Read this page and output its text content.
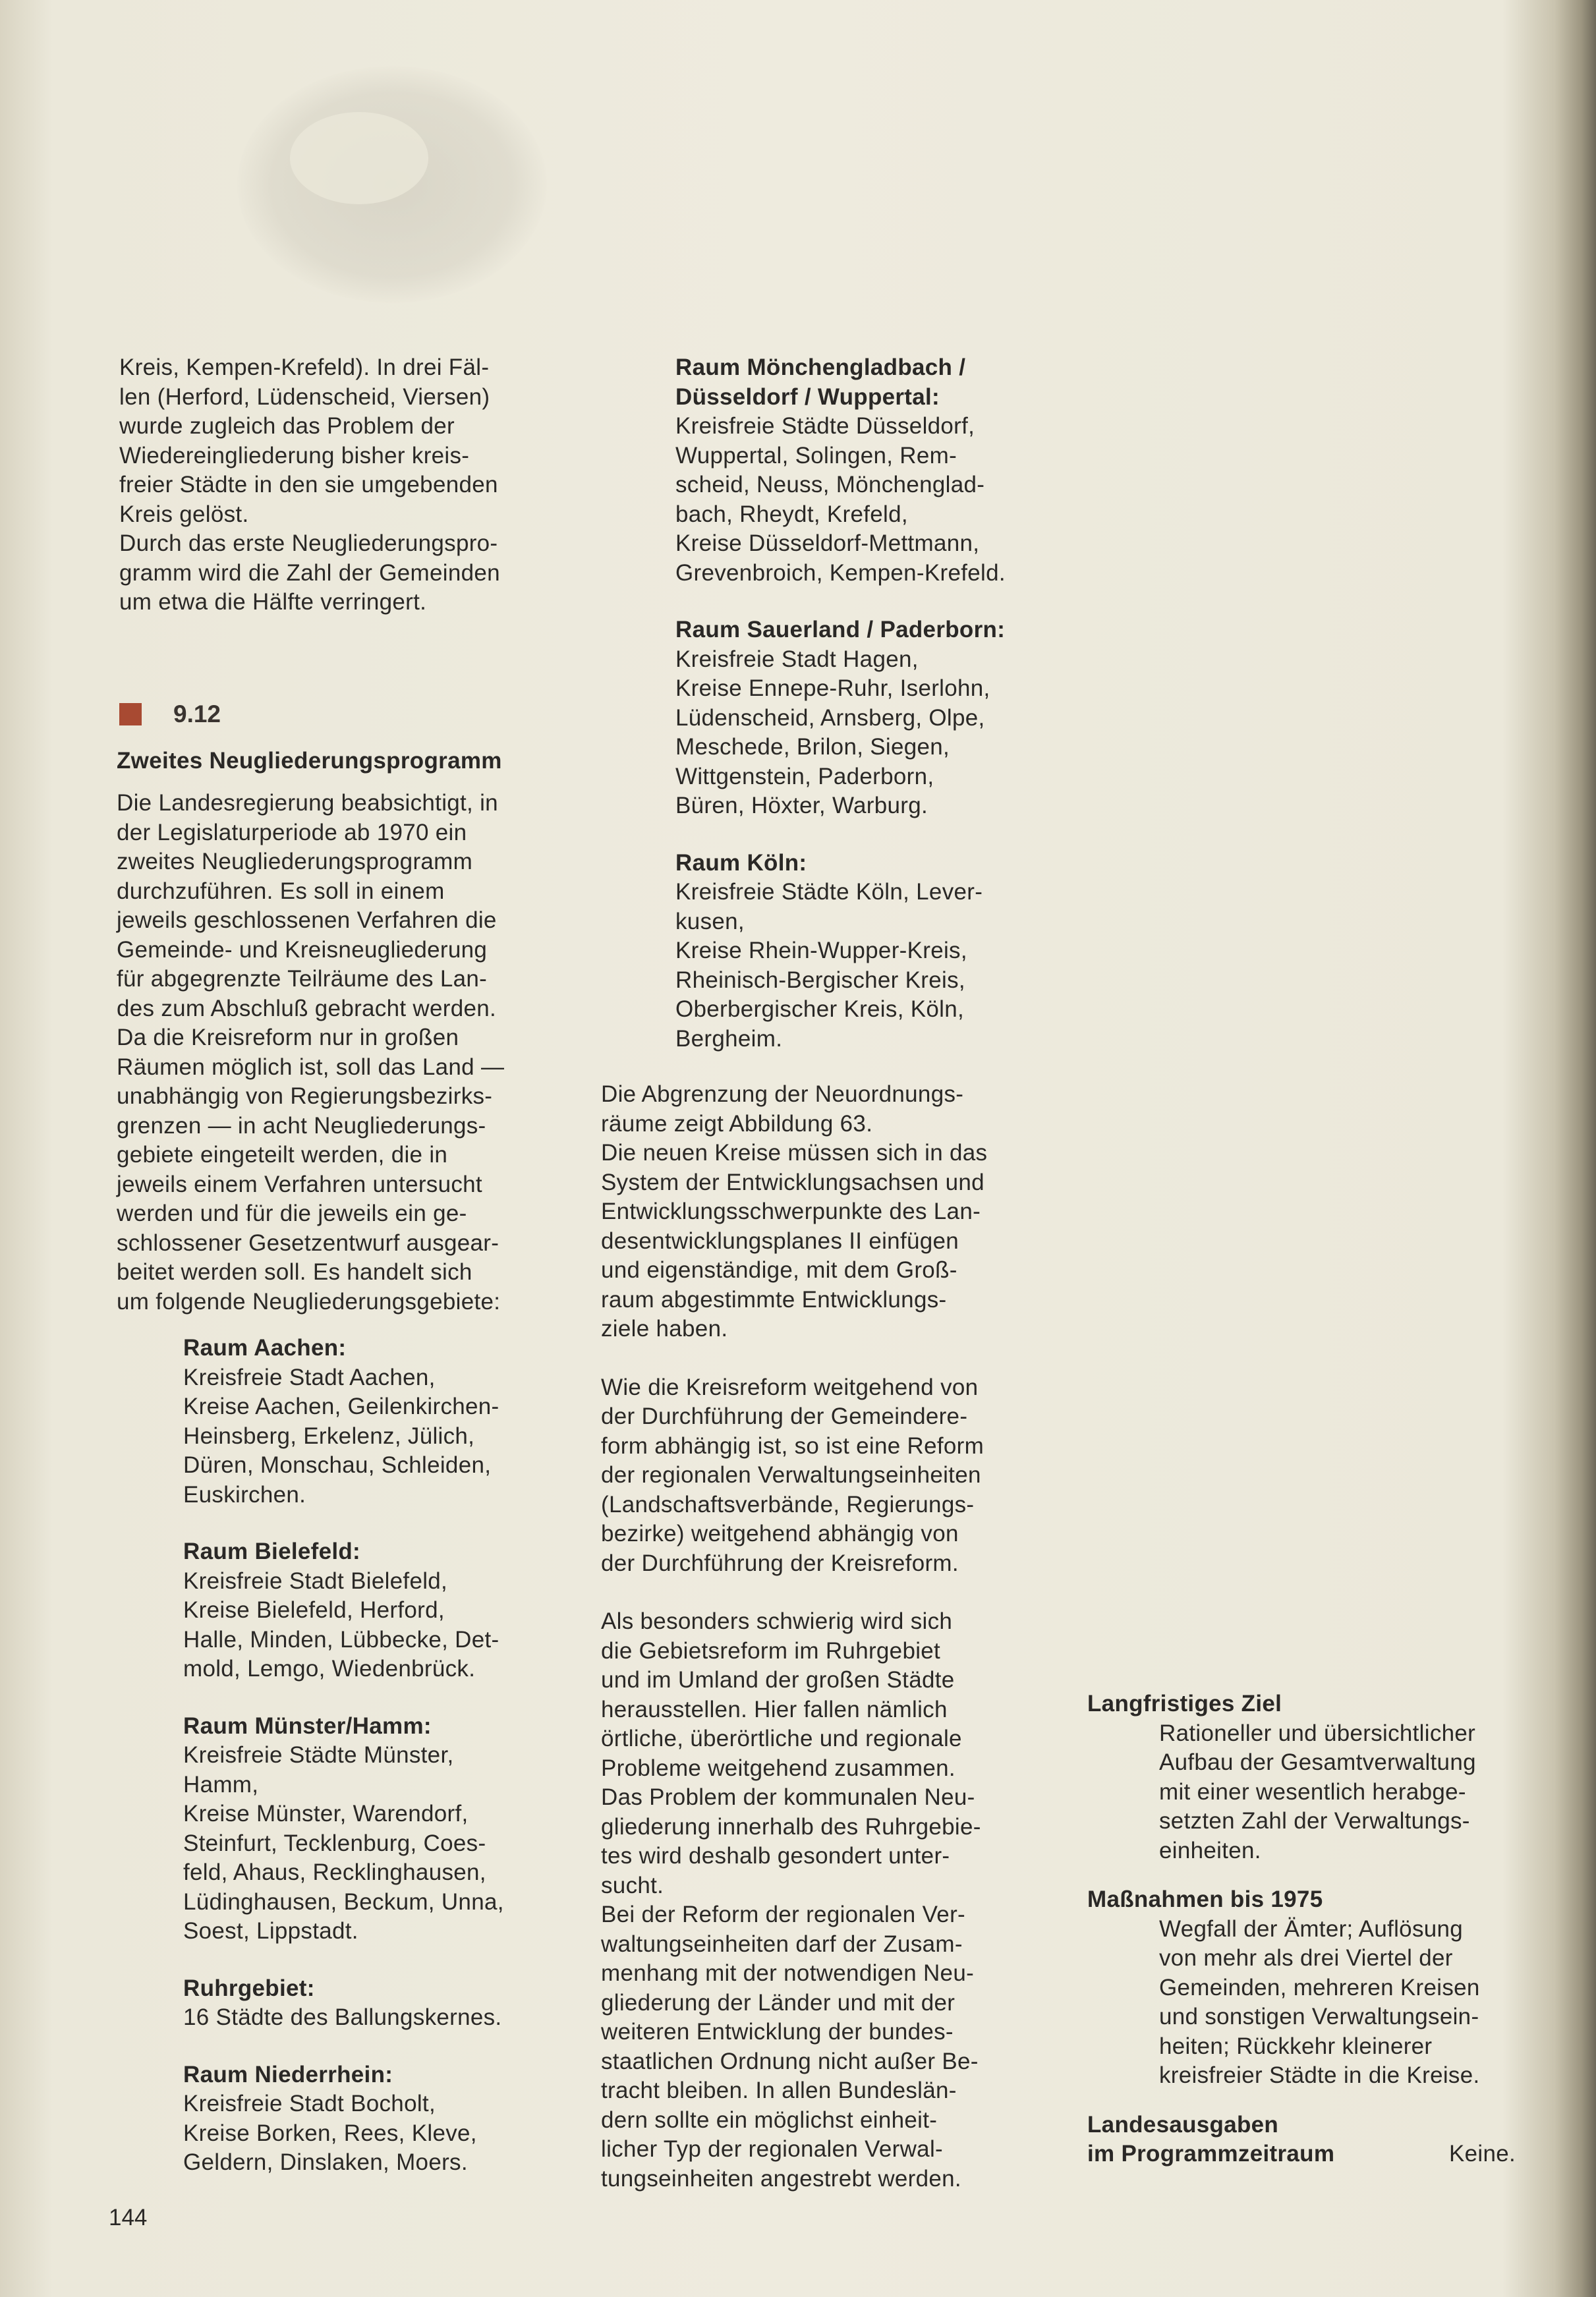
Kreis, Kempen-Krefeld). In drei Fäl-
len (Herford, Lüdenscheid, Viersen)
wurde zugleich das Problem der
Wiedereingliederung bisher kreis-
freier Städte in den sie umgebenden
Kreis gelöst.
Durch das erste Neugliederungspro-
gramm wird die Zahl der Gemeinden
um etwa die Hälfte verringert.
9.12
Zweites Neugliederungsprogramm
Die Landesregierung beabsichtigt, in
der Legislaturperiode ab 1970 ein
zweites Neugliederungsprogramm
durchzuführen. Es soll in einem
jeweils geschlossenen Verfahren die
Gemeinde- und Kreisneugliederung
für abgegrenzte Teilräume des Lan-
des zum Abschluß gebracht werden.
Da die Kreisreform nur in großen
Räumen möglich ist, soll das Land —
unabhängig von Regierungsbezirks-
grenzen — in acht Neugliederungs-
gebiete eingeteilt werden, die in
jeweils einem Verfahren untersucht
werden und für die jeweils ein ge-
schlossener Gesetzentwurf ausgear-
beitet werden soll. Es handelt sich
um folgende Neugliederungsgebiete:
Raum Aachen:
Kreisfreie Stadt Aachen,
Kreise Aachen, Geilenkirchen-
Heinsberg, Erkelenz, Jülich,
Düren, Monschau, Schleiden,
Euskirchen.
Raum Bielefeld:
Kreisfreie Stadt Bielefeld,
Kreise Bielefeld, Herford,
Halle, Minden, Lübbecke, Det-
mold, Lemgo, Wiedenbrück.
Raum Münster/Hamm:
Kreisfreie Städte Münster,
Hamm,
Kreise Münster, Warendorf,
Steinfurt, Tecklenburg, Coes-
feld, Ahaus, Recklinghausen,
Lüdinghausen, Beckum, Unna,
Soest, Lippstadt.
Ruhrgebiet:
16 Städte des Ballungskernes.
Raum Niederrhein:
Kreisfreie Stadt Bocholt,
Kreise Borken, Rees, Kleve,
Geldern, Dinslaken, Moers.
Raum Mönchengladbach /
Düsseldorf / Wuppertal:
Kreisfreie Städte Düsseldorf,
Wuppertal, Solingen, Rem-
scheid, Neuss, Mönchenglad-
bach, Rheydt, Krefeld,
Kreise Düsseldorf-Mettmann,
Grevenbroich, Kempen-Krefeld.
Raum Sauerland / Paderborn:
Kreisfreie Stadt Hagen,
Kreise Ennepe-Ruhr, Iserlohn,
Lüdenscheid, Arnsberg, Olpe,
Meschede, Brilon, Siegen,
Wittgenstein, Paderborn,
Büren, Höxter, Warburg.
Raum Köln:
Kreisfreie Städte Köln, Lever-
kusen,
Kreise Rhein-Wupper-Kreis,
Rheinisch-Bergischer Kreis,
Oberbergischer Kreis, Köln,
Bergheim.
Die Abgrenzung der Neuordnungs-
räume zeigt Abbildung 63.
Die neuen Kreise müssen sich in das
System der Entwicklungsachsen und
Entwicklungsschwerpunkte des Lan-
desentwicklungsplanes II einfügen
und eigenständige, mit dem Groß-
raum abgestimmte Entwicklungs-
ziele haben.
Wie die Kreisreform weitgehend von
der Durchführung der Gemeindere-
form abhängig ist, so ist eine Reform
der regionalen Verwaltungseinheiten
(Landschaftsverbände, Regierungs-
bezirke) weitgehend abhängig von
der Durchführung der Kreisreform.
Als besonders schwierig wird sich
die Gebietsreform im Ruhrgebiet
und im Umland der großen Städte
herausstellen. Hier fallen nämlich
örtliche, überörtliche und regionale
Probleme weitgehend zusammen.
Das Problem der kommunalen Neu-
gliederung innerhalb des Ruhrgebie-
tes wird deshalb gesondert unter-
sucht.
Bei der Reform der regionalen Ver-
waltungseinheiten darf der Zusam-
menhang mit der notwendigen Neu-
gliederung der Länder und mit der
weiteren Entwicklung der bundes-
staatlichen Ordnung nicht außer Be-
tracht bleiben. In allen Bundeslän-
dern sollte ein möglichst einheit-
licher Typ der regionalen Verwal-
tungseinheiten angestrebt werden.
Langfristiges Ziel
Rationeller und übersichtlicher
Aufbau der Gesamtverwaltung
mit einer wesentlich herabge-
setzten Zahl der Verwaltungs-
einheiten.
Maßnahmen bis 1975
Wegfall der Ämter; Auflösung
von mehr als drei Viertel der
Gemeinden, mehreren Kreisen
und sonstigen Verwaltungsein-
heiten; Rückkehr kleinerer
kreisfreier Städte in die Kreise.
Landesausgaben
im Programmzeitraum	Keine.
144
